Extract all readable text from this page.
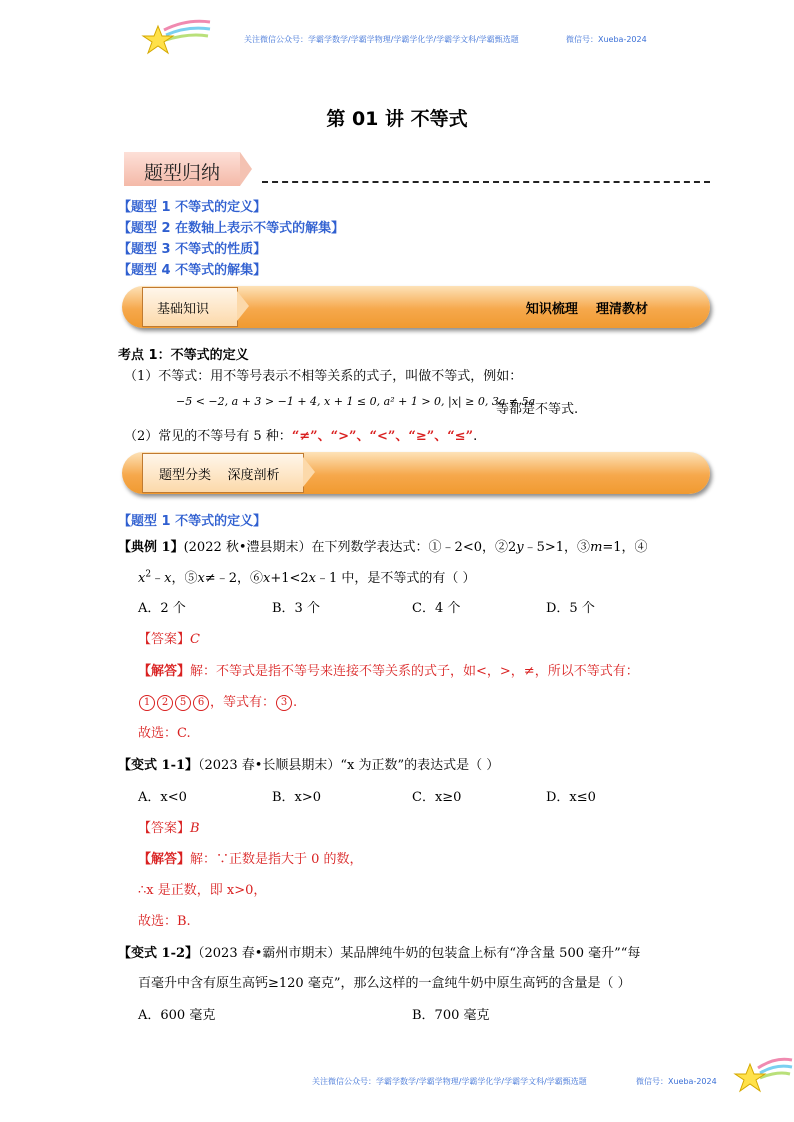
关注微信公众号：学霸学数学/学霸学物理/学霸学化学/学霸学文科/学霸甄选题	微信号：Xueba-2024
第 01 讲 不等式
题型归纳
【题型 1 不等式的定义】
【题型 2 在数轴上表示不等式的解集】
【题型 3 不等式的性质】
【题型 4 不等式的解集】
基础知识	知识梳理    理清教材
考点 1：不等式的定义
（1）不等式：用不等号表示不相等关系的式子，叫做不等式，例如：
−5 < −2, a + 3 > −1 + 4, x + 1 ≤ 0, a² + 1 > 0, |x| ≥ 0, 3a ≠ 5a
等都是不等式.
（2）常见的不等号有 5 种：“≠”、“>”、“<”、“≥”、“≤”.
题型分类    深度剖析
【题型 1 不等式的定义】
【典例 1】(2022 秋•澧县期末）在下列数学表达式：①﹣2<0，②2y﹣5>1，③m=1，④
$x^2﹣x$，⑤x≠﹣2，⑥x+1<2x﹣1 中，是不等式的有（ ）
A．2 个	B．3 个	C．4 个	D．5 个
【答案】C
【解答】解：不等式是指不等号来连接不等关系的式子，如<，>，≠，所以不等式有：
1 2 5 6 ，等式有： 3 .
故选：C.
【变式 1-1】（2023 春•长顺县期末）“x 为正数”的表达式是（ ）
A．x<0	B．x>0	C．x≥0	D．x≤0
【答案】B
【解答】解：∵正数是指大于 0 的数，
∴x 是正数，即 x>0，
故选：B.
【变式 1-2】（2023 春•霸州市期末）某品牌纯牛奶的包装盒上标有“净含量 500 毫升”“每
百毫升中含有原生高钙≥120 毫克”，那么这样的一盒纯牛奶中原生高钙的含量是（ ）
A．600 毫克	B．700 毫克
关注微信公众号：学霸学数学/学霸学物理/学霸学化学/学霸学文科/学霸甄选题	微信号：Xueba-2024
